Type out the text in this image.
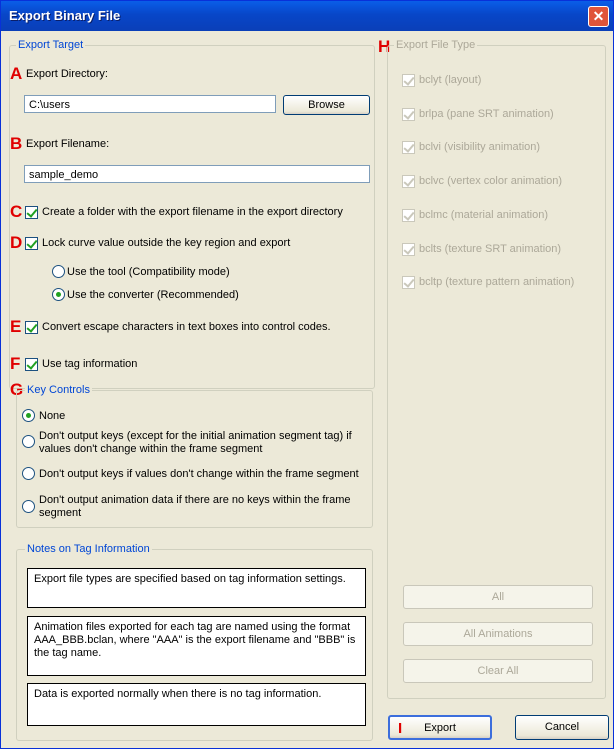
Export Binary File	✕
Export Target
A Export Directory:
C:\users	Browse
B Export Filename:
sample_demo
C Create a folder with the export filename in the export directory
D Lock curve value outside the key region and export
Use the tool (Compatibility mode)
Use the converter (Recommended)
E Convert escape characters in text boxes into control codes.
F Use tag information
G Key Controls
None
Don't output keys (except for the initial animation segment tag) if
values don't change within the frame segment
Don't output keys if values don't change within the frame segment
Don't output animation data if there are no keys within the frame
segment
Notes on Tag Information
Export file types are specified based on tag information settings.
Animation files exported for each tag are named using the format AAA_BBB.bclan, where "AAA" is the export filename and "BBB" is the tag name.
Data is exported normally when there is no tag information.
H Export File Type
bclyt (layout)
brlpa (pane SRT animation)
bclvi (visibility animation)
bclvc (vertex color animation)
bclmc (material animation)
bclts (texture SRT animation)
bcltp (texture pattern animation)
All
All Animations
Clear All
I Export	Cancel
